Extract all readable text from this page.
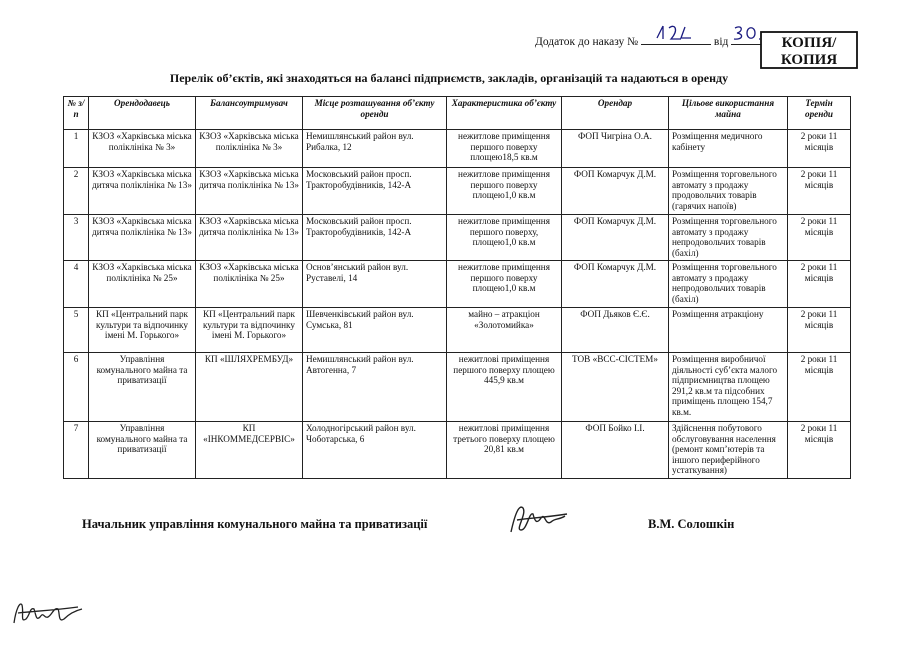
Додаток до наказу №	від	КОПІЯ/
КОПИЯ
Перелік об’єктів, які знаходяться на балансі підприємств, закладів, організацій та надаються в оренду
№ з/п	Орендодавець	Балансоутримувач	Місце розташування об’єкту оренди	Характеристика об’єкту	Орендар	Цільове використання майна	Термін оренди
1	КЗОЗ «Харківська міська поліклініка № 3»	КЗОЗ «Харківська міська поліклініка № 3»	Немишлянський район вул. Рибалка, 12	нежитлове приміщення першого поверху площею18,5 кв.м	ФОП Чигріна О.А.	Розміщення медичного кабінету	2 роки 11 місяців
2	КЗОЗ «Харківська міська дитяча поліклініка № 13»	КЗОЗ «Харківська міська дитяча поліклініка № 13»	Московський район просп. Тракторобудівників, 142-А	нежитлове приміщення першого поверху площею1,0 кв.м	ФОП Комарчук Д.М.	Розміщення торговельного автомату з продажу продовольчих товарів (гарячих напоїв)	2 роки 11 місяців
3	КЗОЗ «Харківська міська дитяча поліклініка № 13»	КЗОЗ «Харківська міська дитяча поліклініка № 13»	Московський район просп. Тракторобудівників, 142-А	нежитлове приміщення першого поверху, площею1,0 кв.м	ФОП Комарчук Д.М.	Розміщення торговельного автомату з продажу непродовольчих товарів (бахіл)	2 роки 11 місяців
4	КЗОЗ «Харківська міська поліклініка № 25»	КЗОЗ «Харківська міська поліклініка № 25»	Основ’янський район вул. Руставелі, 14	нежитлове приміщення першого поверху площею1,0 кв.м	ФОП Комарчук Д.М.	Розміщення торговельного автомату з продажу непродовольчих товарів (бахіл)	2 роки 11 місяців
5	КП «Центральний парк культури та відпочинку імені М. Горького»	КП «Центральний парк культури та відпочинку імені М. Горького»	Шевченківський район вул. Сумська, 81	майно – атракціон «Золотомийка»	ФОП Дьяков Є.Є.	Розміщення атракціону	2 роки 11 місяців
6	Управління комунального майна та приватизації	КП «ШЛЯХРЕМБУД»	Немишлянський район вул. Автогенна, 7	нежитлові приміщення першого поверху площею 445,9 кв.м	ТОВ «ВСС-СІСТЕМ»	Розміщення виробничої діяльності суб’єкта малого підприємництва площею 291,2 кв.м та підсобних приміщень площею 154,7 кв.м.	2 роки 11 місяців
7	Управління комунального майна та приватизації	КП «ІНКОММЕДСЕРВІС»	Холодногірський район вул. Чоботарська, 6	нежитлові приміщення третього поверху площею 20,81 кв.м	ФОП Бойко І.І.	Здійснення побутового обслуговування населення (ремонт комп’ютерів та іншого периферійного устаткування)	2 роки 11 місяців
Начальник управління комунального майна та приватизації	В.М. Солошкін
